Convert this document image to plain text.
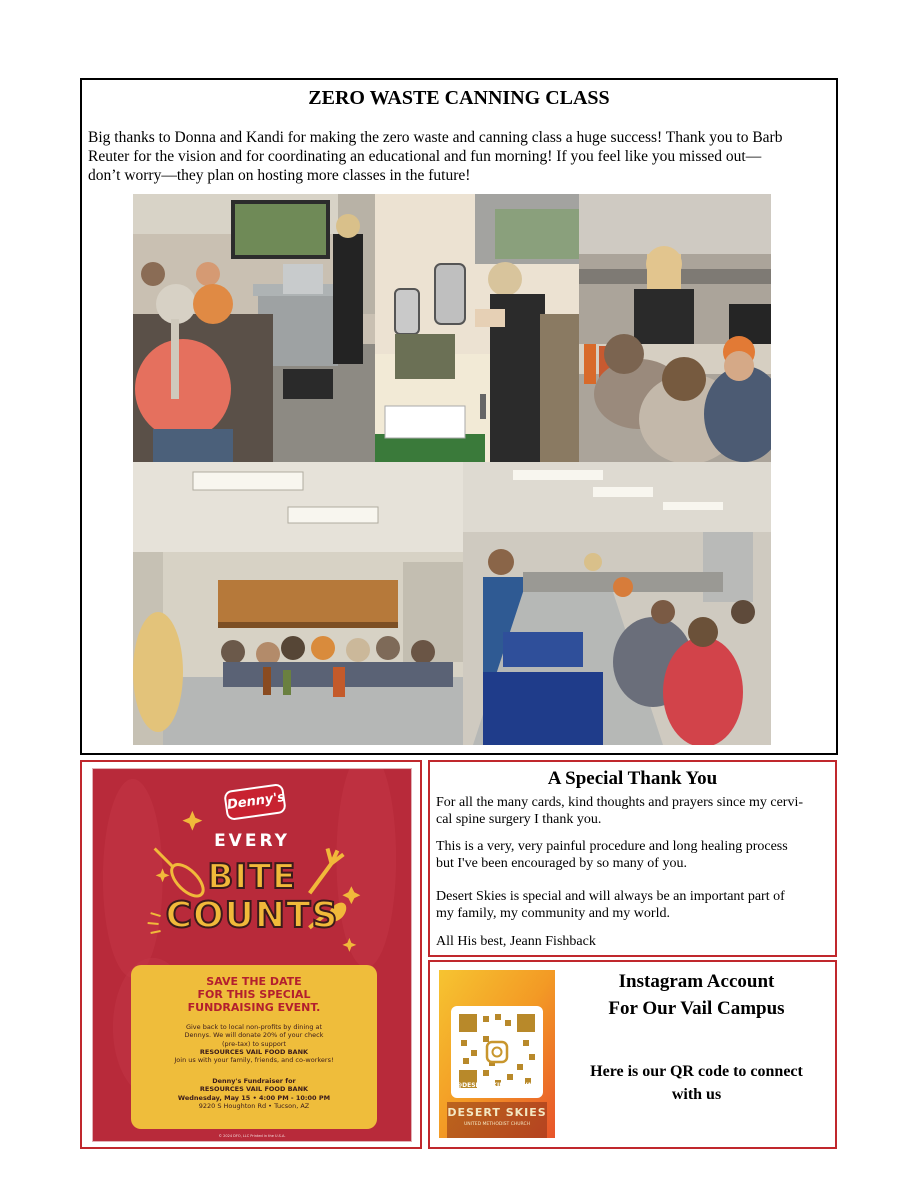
ZERO WASTE CANNING CLASS
Big thanks to Donna and Kandi for making the zero waste and canning class a huge success! Thank you to Barb
Reuter for the vision and for coordinating an educational and fun morning! If you feel like you missed out—
don’t worry—they plan on hosting more classes in the future!
Denny's
EVERY
BITE
COUNTS
SAVE THE DATE
FOR THIS SPECIAL
FUNDRAISING EVENT.
Give back to local non-profits by dining at
Dennys. We will donate 20% of your check
(pre-tax) to support
RESOURCES VAIL FOOD BANK
Join us with your family, friends, and co-workers!
Denny's Fundraiser for
RESOURCES VAIL FOOD BANK
Wednesday, May 15 • 4:00 PM - 10:00 PM
9220 S Houghton Rd • Tucson, AZ
© 2024 DFO, LLC Printed in the U.S.A.
A Special Thank You
For all the many cards, kind thoughts and prayers since my cervi-
cal spine surgery I thank you.
This is a very, very painful procedure and long healing process
but I've been encouraged by so many of you.
Desert Skies is special and will always be an important part of
my family, my community and my world.
All His best, Jeann Fishback
@DESERTSKIESUMCVAIL
DESERT SKIES
UNITED METHODIST CHURCH
Instagram Account
For Our Vail Campus
Here is our QR code to connect
with us
